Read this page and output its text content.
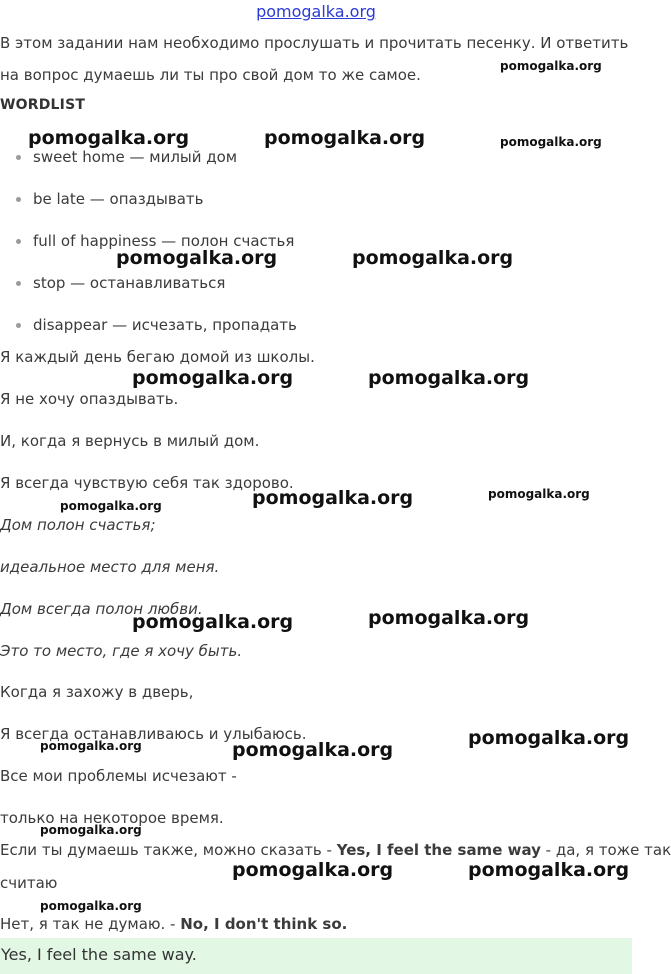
pomogalka.org
В этом задании нам необходимо прослушать и прочитать песенку. И ответить
на вопрос думаешь ли ты про свой дом то же самое.
WORDLIST
sweet home — милый дом
be late — опаздывать
full of happiness — полон счастья
stop — останавливаться
disappear — исчезать, пропадать
Я каждый день бегаю домой из школы.
Я не хочу опаздывать.
И, когда я вернусь в милый дом.
Я всегда чувствую себя так здорово.
Дом полон счастья;
идеальное место для меня.
Дом всегда полон любви.
Это то место, где я хочу быть.
Когда я захожу в дверь,
Я всегда останавливаюсь и улыбаюсь.
Все мои проблемы исчезают -
только на некоторое время.
Если ты думаешь также, можно сказать - Yes, I feel the same way - да, я тоже так
считаю
Нет, я так не думаю. - No, I don't think so.
Yes, I feel the same way.
pomogalka.org
pomogalka.org	pomogalka.org	pomogalka.org
pomogalka.org	pomogalka.org
pomogalka.org	pomogalka.org
pomogalka.org
pomogalka.org
pomogalka.org
pomogalka.org
pomogalka.org
pomogalka.org
pomogalka.org	pomogalka.org
pomogalka.org
pomogalka.org	pomogalka.org
pomogalka.org
